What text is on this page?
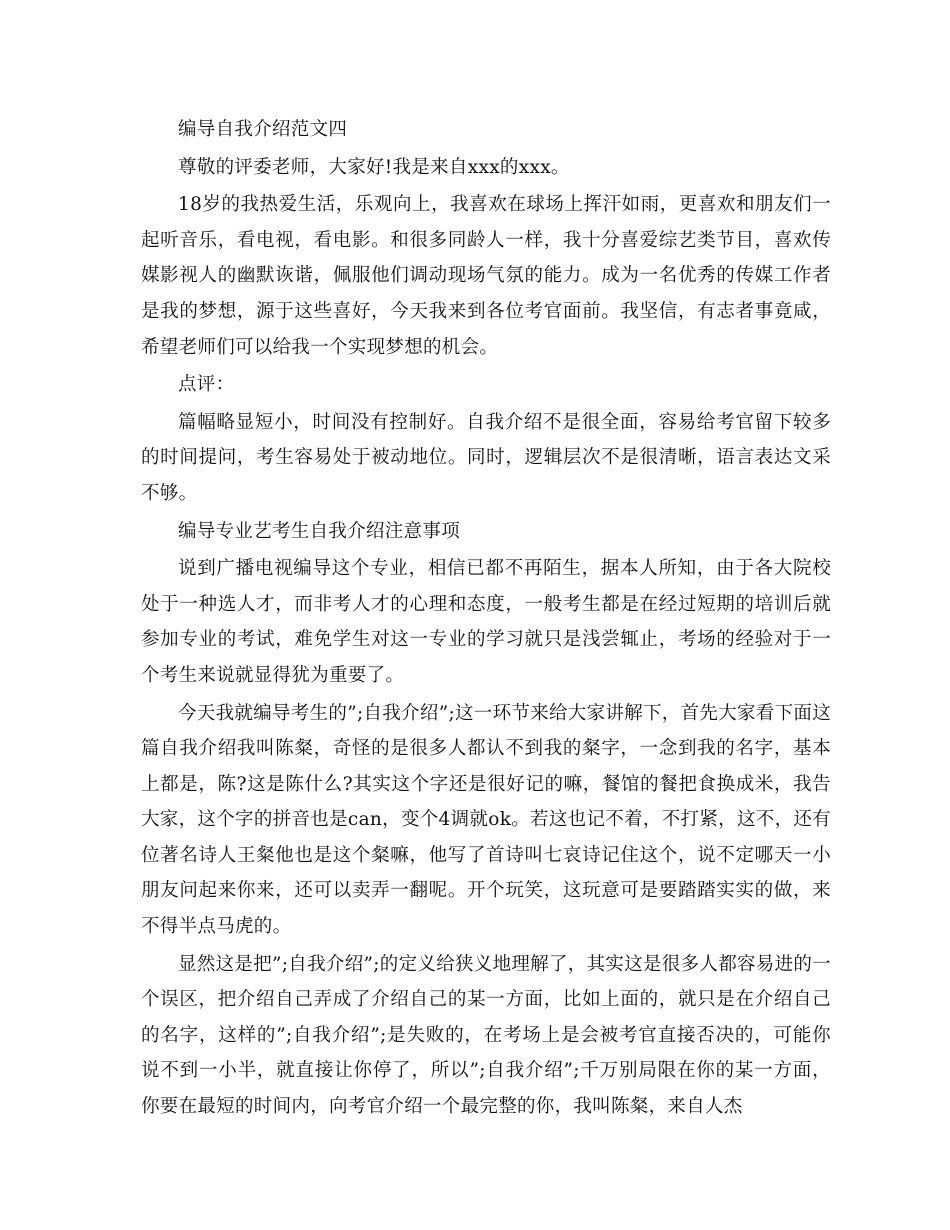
编导自我介绍范文四

尊敬的评委老师，大家好!我是来自xxx的xxx。

18岁的我热爱生活，乐观向上，我喜欢在球场上挥汗如雨，更喜欢和朋友们一起听音乐，看电视，看电影。和很多同龄人一样，我十分喜爱综艺类节目，喜欢传媒影视人的幽默诙谐，佩服他们调动现场气氛的能力。成为一名优秀的传媒工作者是我的梦想，源于这些喜好，今天我来到各位考官面前。我坚信，有志者事竟咸，希望老师们可以给我一个实现梦想的机会。

点评：

篇幅略显短小，时间没有控制好。自我介绍不是很全面，容易给考官留下较多的时间提问，考生容易处于被动地位。同时，逻辑层次不是很清晰，语言表达文采不够。

编导专业艺考生自我介绍注意事项

说到广播电视编导这个专业，相信已都不再陌生，据本人所知，由于各大院校处于一种选人才，而非考人才的心理和态度，一般考生都是在经过短期的培训后就参加专业的考试，难免学生对这一专业的学习就只是浅尝辄止，考场的经验对于一个考生来说就显得犹为重要了。

今天我就编导考生的”;自我介绍”;这一环节来给大家讲解下，首先大家看下面这篇自我介绍我叫陈粲，奇怪的是很多人都认不到我的粲字，一念到我的名字，基本上都是，陈?这是陈什么?其实这个字还是很好记的嘛，餐馆的餐把食换成米，我告大家，这个字的拼音也是can，变个4调就ok。若这也记不着，不打紧，这不，还有位著名诗人王粲他也是这个粲嘛，他写了首诗叫七哀诗记住这个，说不定哪天一小朋友问起来你来，还可以卖弄一翻呢。开个玩笑，这玩意可是要踏踏实实的做，来不得半点马虎的。

显然这是把”;自我介绍”;的定义给狭义地理解了，其实这是很多人都容易进的一个误区，把介绍自己弄成了介绍自己的某一方面，比如上面的，就只是在介绍自己的名字，这样的”;自我介绍”;是失败的，在考场上是会被考官直接否决的，可能你说不到一小半，就直接让你停了，所以”;自我介绍”;千万别局限在你的某一方面，你要在最短的时间内，向考官介绍一个最完整的你，我叫陈粲，来自人杰
